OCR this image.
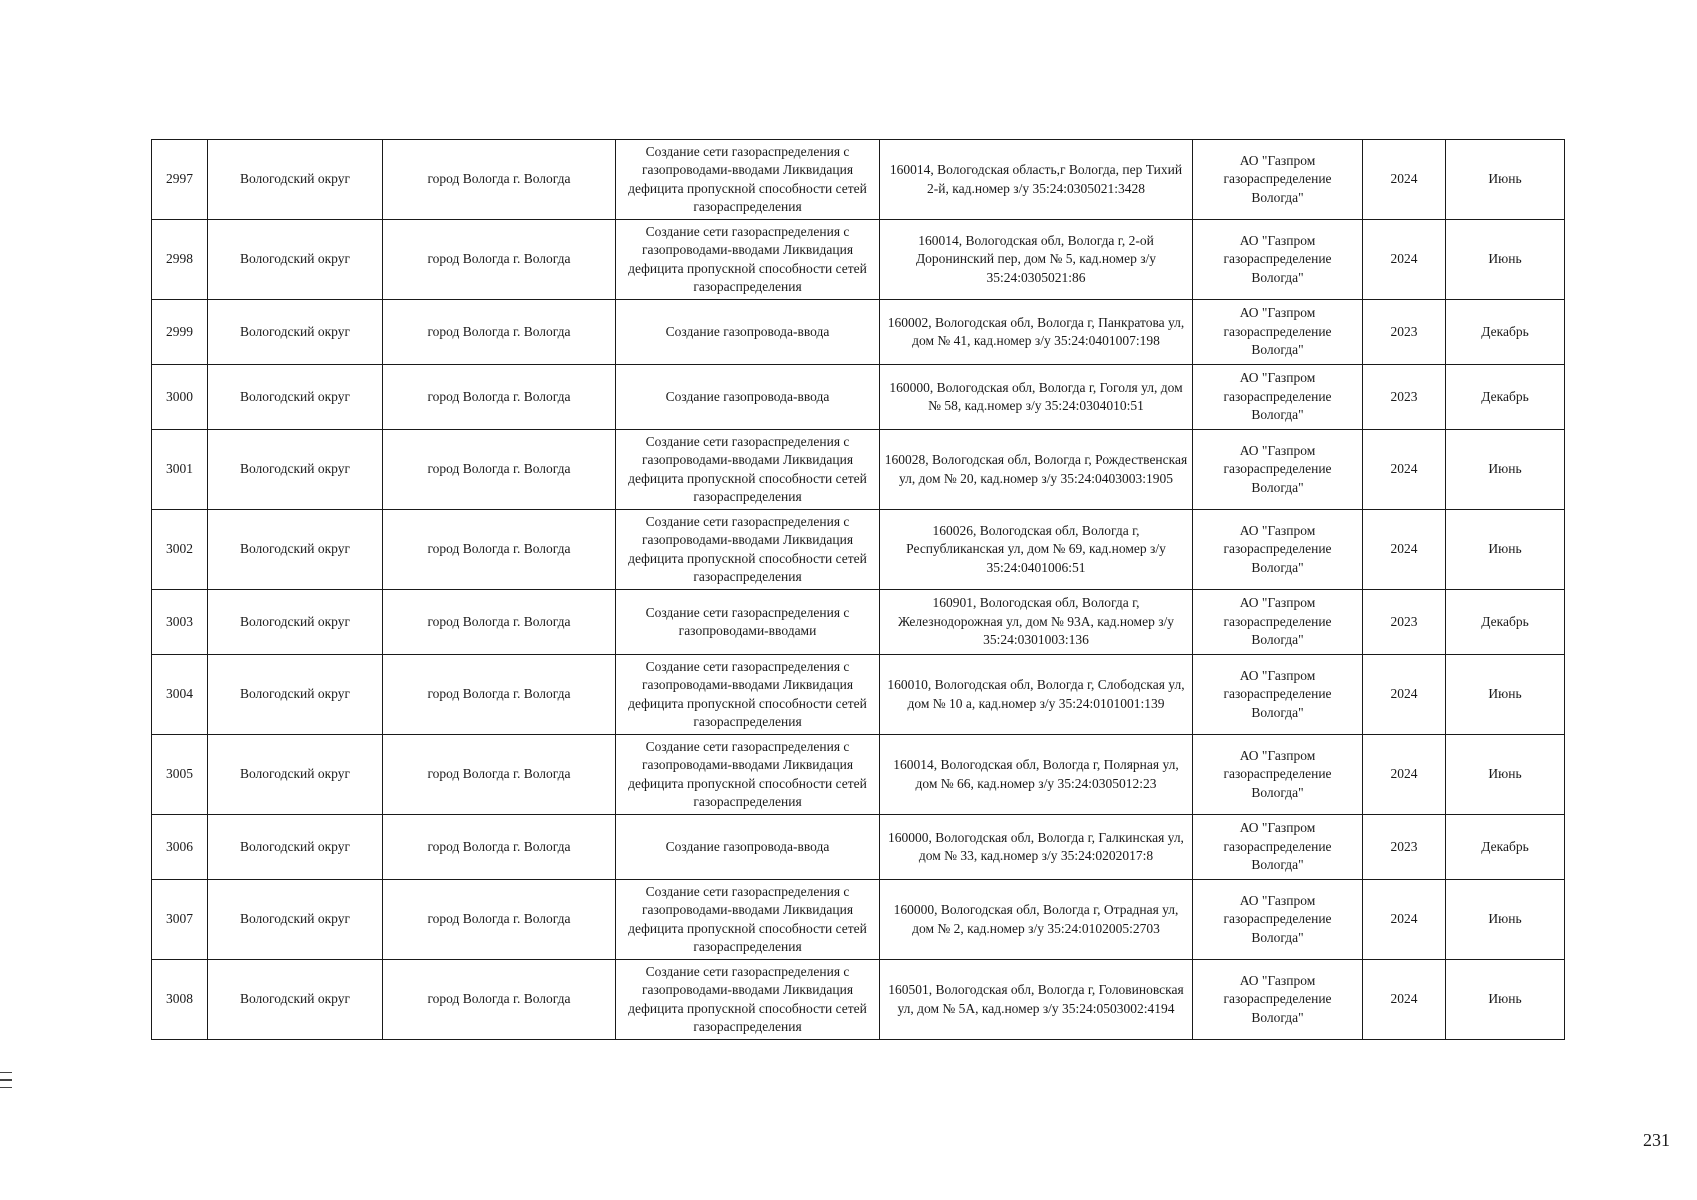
2997	Вологодский округ	город Вологда г. Вологда	Создание сети газораспределения с газопроводами-вводами Ликвидация дефицита пропускной способности сетей газораспределения	160014, Вологодская область,г Вологда, пер Тихий 2-й, кад.номер з/у 35:24:0305021:3428	АО "Газпром газораспределение Вологда"	2024	Июнь
2998	Вологодский округ	город Вологда г. Вологда	Создание сети газораспределения с газопроводами-вводами Ликвидация дефицита пропускной способности сетей газораспределения	160014, Вологодская обл, Вологда г, 2-ой Доронинский пер, дом № 5, кад.номер з/у 35:24:0305021:86	АО "Газпром газораспределение Вологда"	2024	Июнь
2999	Вологодский округ	город Вологда г. Вологда	Создание газопровода-ввода	160002, Вологодская обл, Вологда г, Панкратова ул, дом № 41, кад.номер з/у 35:24:0401007:198	АО "Газпром газораспределение Вологда"	2023	Декабрь
3000	Вологодский округ	город Вологда г. Вологда	Создание газопровода-ввода	160000, Вологодская обл, Вологда г, Гоголя ул, дом № 58, кад.номер з/у 35:24:0304010:51	АО "Газпром газораспределение Вологда"	2023	Декабрь
3001	Вологодский округ	город Вологда г. Вологда	Создание сети газораспределения с газопроводами-вводами Ликвидация дефицита пропускной способности сетей газораспределения	160028, Вологодская обл, Вологда г, Рождественская ул, дом № 20, кад.номер з/у 35:24:0403003:1905	АО "Газпром газораспределение Вологда"	2024	Июнь
3002	Вологодский округ	город Вологда г. Вологда	Создание сети газораспределения с газопроводами-вводами Ликвидация дефицита пропускной способности сетей газораспределения	160026, Вологодская обл, Вологда г, Республиканская ул, дом № 69, кад.номер з/у 35:24:0401006:51	АО "Газпром газораспределение Вологда"	2024	Июнь
3003	Вологодский округ	город Вологда г. Вологда	Создание сети газораспределения с газопроводами-вводами	160901, Вологодская обл, Вологда г, Железнодорожная ул, дом № 93А, кад.номер з/у 35:24:0301003:136	АО "Газпром газораспределение Вологда"	2023	Декабрь
3004	Вологодский округ	город Вологда г. Вологда	Создание сети газораспределения с газопроводами-вводами Ликвидация дефицита пропускной способности сетей газораспределения	160010, Вологодская обл, Вологда г, Слободская ул, дом № 10 а, кад.номер з/у 35:24:0101001:139	АО "Газпром газораспределение Вологда"	2024	Июнь
3005	Вологодский округ	город Вологда г. Вологда	Создание сети газораспределения с газопроводами-вводами Ликвидация дефицита пропускной способности сетей газораспределения	160014, Вологодская обл, Вологда г, Полярная ул, дом № 66, кад.номер з/у 35:24:0305012:23	АО "Газпром газораспределение Вологда"	2024	Июнь
3006	Вологодский округ	город Вологда г. Вологда	Создание газопровода-ввода	160000, Вологодская обл, Вологда г, Галкинская ул, дом № 33, кад.номер з/у 35:24:0202017:8	АО "Газпром газораспределение Вологда"	2023	Декабрь
3007	Вологодский округ	город Вологда г. Вологда	Создание сети газораспределения с газопроводами-вводами Ликвидация дефицита пропускной способности сетей газораспределения	160000, Вологодская обл, Вологда г, Отрадная ул, дом № 2, кад.номер з/у 35:24:0102005:2703	АО "Газпром газораспределение Вологда"	2024	Июнь
3008	Вологодский округ	город Вологда г. Вологда	Создание сети газораспределения с газопроводами-вводами Ликвидация дефицита пропускной способности сетей газораспределения	160501, Вологодская обл, Вологда г, Головиновская ул, дом № 5А, кад.номер з/у 35:24:0503002:4194	АО "Газпром газораспределение Вологда"	2024	Июнь
231
